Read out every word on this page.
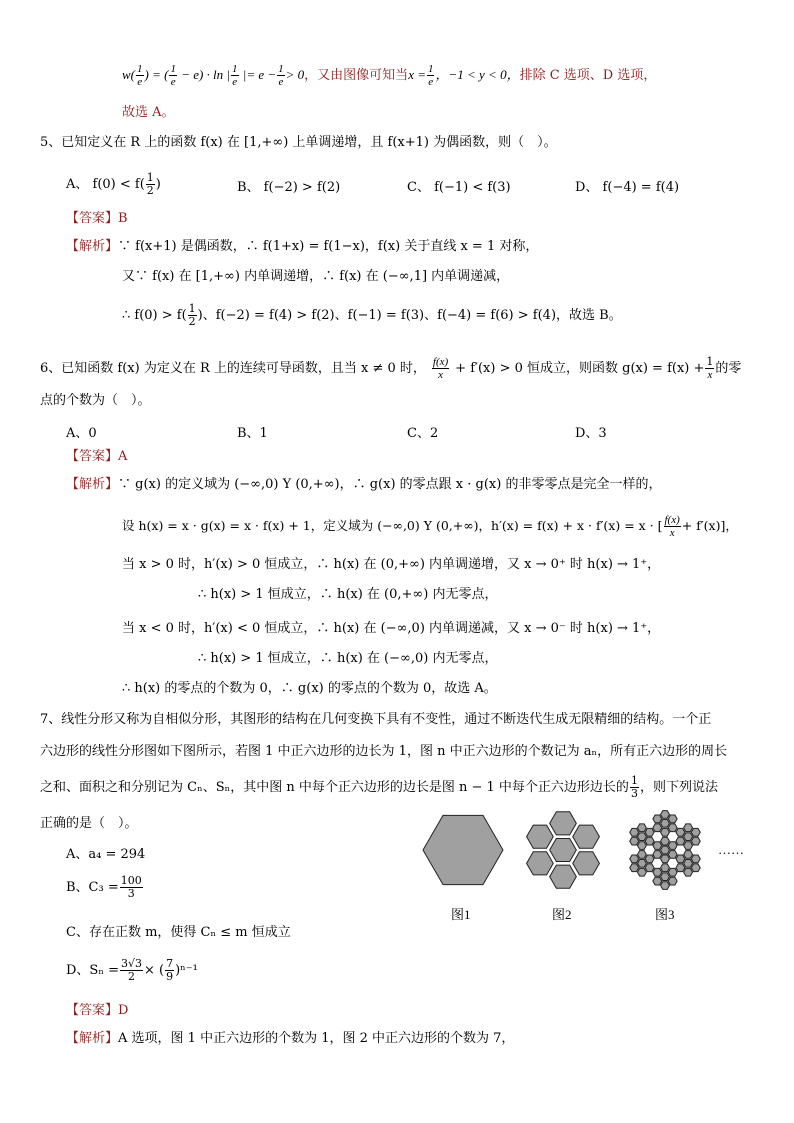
$w( \frac{1}{e}$ ) = ( $\frac{1}{e} - e) \cdot \ln$ | $\frac{1}{e}$ |= $e - \frac{1}{e} > 0$，又由图像可知当$x = \frac{1}{e}$ ，−1 < y < 0，排除 C 选项、D 选项，
故选 A。
5、已知定义在 R 上的函数 f(x) 在 [1,+∞) 上单调递增，且 f(x+1) 为偶函数，则（　）。
A、 $f(0) < f( \frac{1}{2}$ )	B、 f(−2) > f(2)	C、 f(−1) < f(3)	D、 f(−4) = f(4)
【答案】B
【解析】∵ f(x+1) 是偶函数，∴ f(1+x) = f(1−x)，f(x) 关于直线 x = 1 对称，
又∵ f(x) 在 [1,+∞) 内单调递增，∴ f(x) 在 (−∞,1] 内单调递减，
∴ $f(0) > f( \frac{1}{2}$ )、f(−2) = f(4) > f(2)、f(−1) = f(3)、f(−4) = f(6) > f(4)，故选 B。
6、已知函数 f(x) 为定义在 R 上的连续可导函数，且当 x ≠ 0 时， $\frac{f(x)}{x} + f'(x) > 0$ 恒成立，则函数 $g(x) = f(x) + \frac{1}{x}$ 的零
点的个数为（　）。
A、0	B、1	C、2	D、3
【答案】A
【解析】∵ g(x) 的定义域为 (−∞,0) Y (0,+∞)，∴ g(x) 的零点跟 x · g(x) 的非零零点是完全一样的，
设 h(x) = x · g(x) = x · f(x) + 1，定义域为 (−∞,0) Y (0,+∞)，h′(x) = f(x) + x · f′(x) = x · [ $\frac{f(x)}{x} + f'(x)$]，
当 x > 0 时，h′(x) > 0 恒成立，∴ h(x) 在 (0,+∞) 内单调递增，又 x → 0⁺ 时 h(x) → 1⁺，
∴ h(x) > 1 恒成立，∴ h(x) 在 (0,+∞) 内无零点，
当 x < 0 时，h′(x) < 0 恒成立，∴ h(x) 在 (−∞,0) 内单调递减，又 x → 0⁻ 时 h(x) → 1⁺，
∴ h(x) > 1 恒成立，∴ h(x) 在 (−∞,0) 内无零点，
∴ h(x) 的零点的个数为 0，∴ g(x) 的零点的个数为 0，故选 A。
7、线性分形又称为自相似分形，其图形的结构在几何变换下具有不变性，通过不断迭代生成无限精细的结构。一个正
六边形的线性分形图如下图所示，若图 1 中正六边形的边长为 1，图 n 中正六边形的个数记为 aₙ，所有正六边形的周长
之和、面积之和分别记为 Cₙ、Sₙ，其中图 n 中每个正六边形的边长是图 n − 1 中每个正六边形边长的 $\frac{1}{3}$ ，则下列说法
正确的是（　）。
A、a₄ = 294
B、$C_3 = \frac{100}{3}$
C、存在正数 m，使得 Cₙ ≤ m 恒成立
D、$S_n = \frac{3√3}{2}$ × ( $\frac{7}{9} )^{n-1}$
【答案】D
【解析】A 选项，图 1 中正六边形的个数为 1，图 2 中正六边形的个数为 7，
图1	图2	图3
……
